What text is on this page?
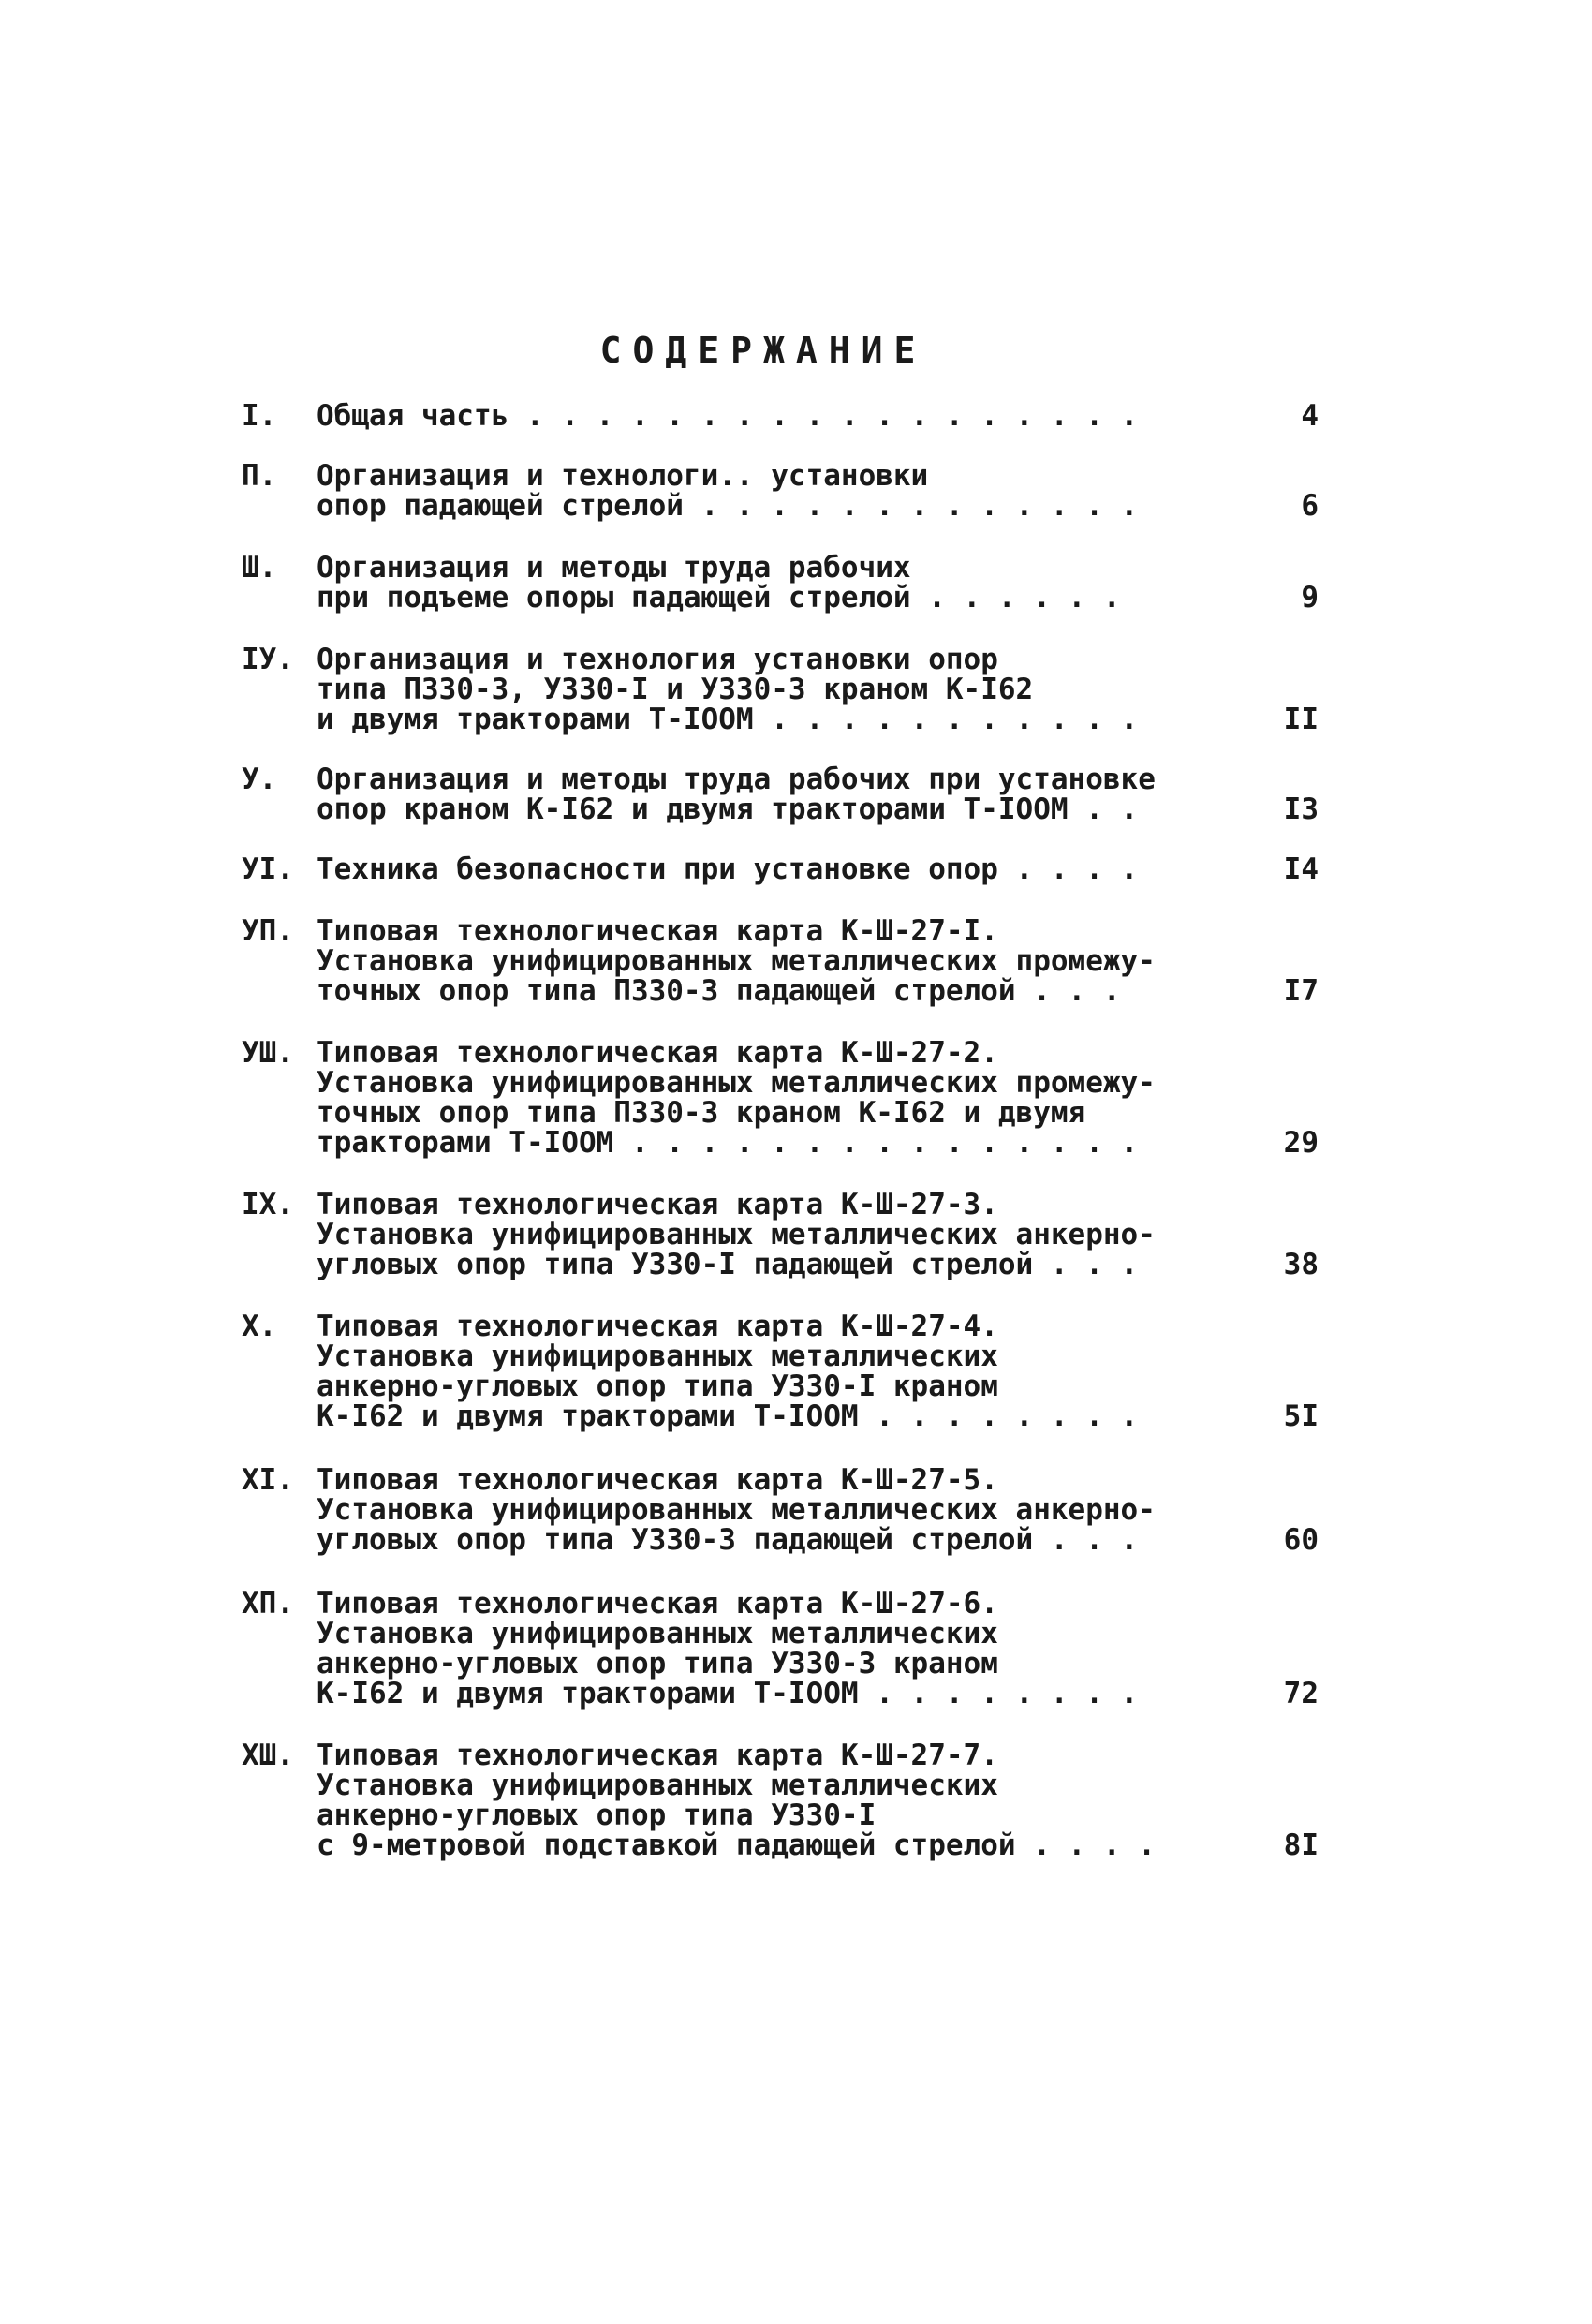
СОДЕРЖАНИЕ
I.	Общая часть . . . . . . . . . . . . . . . . . .	4
П.	Организация и технологи.. установки
опор падающей стрелой . . . . . . . . . . . . .	6
Ш.	Организация и методы труда рабочих
при подъеме опоры падающей стрелой . . . . . .	9
IУ. Организация и технология установки опор
типа П330-3, У330-I и У330-3 краном К-I62
и двумя тракторами Т-IOOМ . . . . . . . . . . .	II
У.	Организация и методы труда рабочих при установке
опор краном К-I62 и двумя тракторами Т-IOOМ . .	I3
УI. Техника безопасности при установке опор . . . .	I4
УП. Типовая технологическая карта К-Ш-27-I.
Установка унифицированных металлических промежу-
точных опор типа П330-3 падающей стрелой . . .	I7
УШ. Типовая технологическая карта К-Ш-27-2.
Установка унифицированных металлических промежу-
точных опор типа П330-3 краном К-I62 и двумя
тракторами Т-IOOМ . . . . . . . . . . . . . . .	29
IX. Типовая технологическая карта К-Ш-27-3.
Установка унифицированных металлических анкерно-
угловых опор типа У330-I падающей стрелой . . .	38
X.	Типовая технологическая карта К-Ш-27-4.
Установка унифицированных металлических
анкерно-угловых опор типа У330-I краном
К-I62 и двумя тракторами Т-IOOМ . . . . . . . .	5I
XI. Типовая технологическая карта К-Ш-27-5.
Установка унифицированных металлических анкерно-
угловых опор типа У330-3 падающей стрелой . . .	60
XП. Типовая технологическая карта К-Ш-27-6.
Установка унифицированных металлических
анкерно-угловых опор типа У330-3 краном
К-I62 и двумя тракторами Т-IOOМ . . . . . . . .	72
XШ. Типовая технологическая карта К-Ш-27-7.
Установка унифицированных металлических
анкерно-угловых опор типа У330-I
с 9-метровой подставкой падающей стрелой . . . .	8I
